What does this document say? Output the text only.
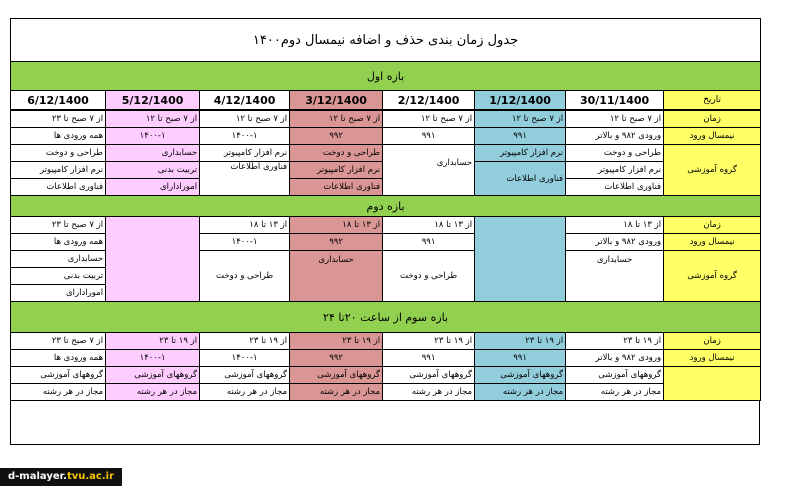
جدول زمان بندی حذف و اضافه نیمسال دوم۱۴۰۰							
بازه اول							
تاریخ	30/11/1400	1/12/1400	2/12/1400	3/12/1400	4/12/1400	5/12/1400	6/12/1400
زمان	از ۷ صبح تا ۱۲	از ۷ صبح تا ۱۲	از ۷ صبح تا ۱۲	از ۷ صبح تا ۱۲	از ۷ صبح تا ۱۲	از ۷ صبح تا ۱۲	از ۷ صبح تا ۲۳
نیمسال ورود	ورودی ۹۸۲ و بالاتر	۹۹۱	۹۹۱	۹۹۲	۱۴۰۰-۱	۱۴۰۰-۱	همه ورودی ها
گروه آموزشی	طراحی و دوخت	نرم افزار کامپیوتر	حسابداری	طراحی و دوخت	نرم افزار کامپیوتر	حسابداری	طراحی و دوخت
	نرم افزار کامپیوتر	فناوری اطلاعات		نرم افزار کامپیوتر	فناوری اطلاعات	تربیت بدنی	نرم افزار کامپیوتر
	فناوری اطلاعات			فناوری اطلاعات		امورادارای	فناوری اطلاعات
بازه دوم							
زمان	از ۱۳ تا ۱۸		از ۱۳ تا ۱۸	از ۱۳ تا ۱۸	از ۱۳ تا ۱۸		از ۷ صبح تا ۲۳
نیمسال ورود	ورودی ۹۸۲ و بالاتر		۹۹۱	۹۹۲	۱۴۰۰-۱		همه ورودی ها
گروه آموزشی	حسابداری		طراحی و دوخت	حسابداری	طراحی و دوخت		حسابداری
							تربیت بدنی
							امورادارای
بازه سوم از ساعت ۲۰تا ۲۴							
زمان	از ۱۹ تا ۲۳	از ۱۹ تا ۲۳	از ۱۹ تا ۲۳	از ۱۹ تا ۲۳	از ۱۹ تا ۲۳	از ۱۹ تا ۲۳	از ۷ صبح تا ۲۳
نیمسال ورود	ورودی ۹۸۲ و بالاتر	۹۹۱	۹۹۱	۹۹۲	۱۴۰۰-۱	۱۴۰۰-۱	همه ورودی ها
	گروههای آموزشی	گروههای آموزشی	گروههای آموزشی	گروههای آموزشی	گروههای آموزشی	گروههای آموزشی	گروههای آموزشی
	مجاز در هر رشته	مجاز در هر رشته	مجاز در هر رشته	مجاز در هر رشته	مجاز در هر رشته	مجاز در هر رشته	مجاز در هر رشته
d-malayer.tvu.ac.ir
